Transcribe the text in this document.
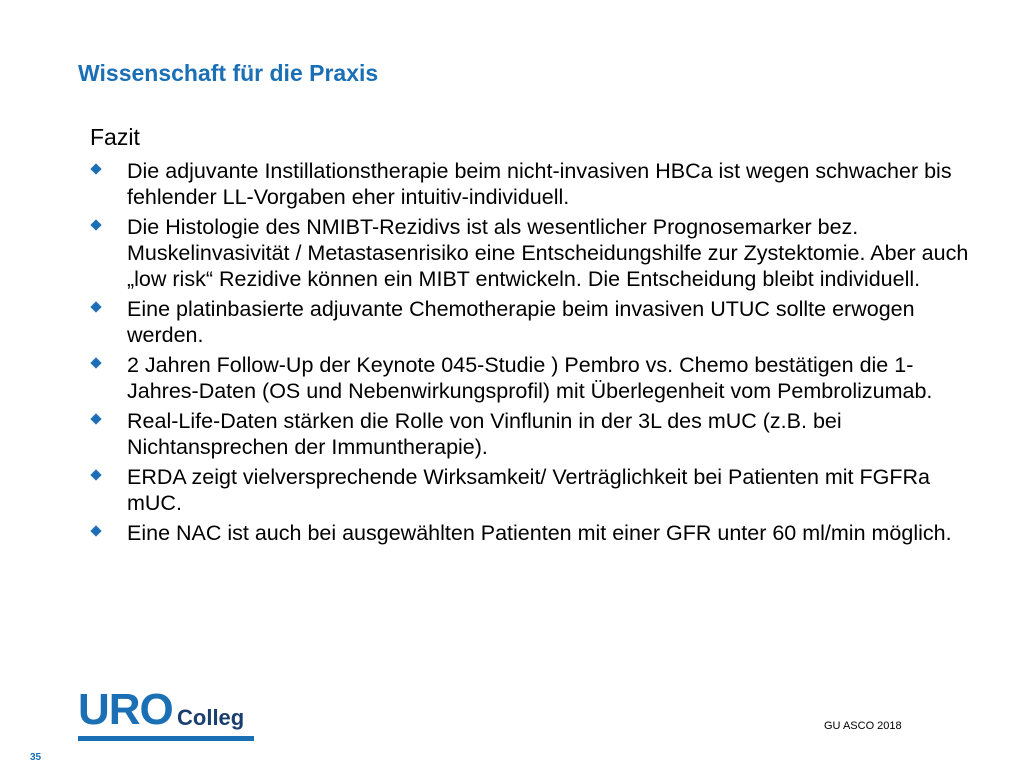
Wissenschaft für die Praxis
Fazit
Die adjuvante Instillationstherapie beim nicht-invasiven HBCa ist wegen schwacher bis fehlender LL-Vorgaben eher intuitiv-individuell.
Die Histologie des NMIBT-Rezidivs ist als wesentlicher Prognosemarker bez. Muskelinvasivität / Metastasenrisiko eine Entscheidungshilfe zur Zystektomie. Aber auch „low risk“ Rezidive können ein MIBT entwickeln. Die Entscheidung bleibt individuell.
Eine platinbasierte adjuvante Chemotherapie beim invasiven UTUC sollte erwogen werden.
2 Jahren Follow-Up der Keynote 045-Studie ) Pembro vs. Chemo bestätigen die 1-Jahres-Daten (OS und Nebenwirkungsprofil) mit Überlegenheit vom Pembrolizumab.
Real-Life-Daten stärken die Rolle von Vinflunin in der 3L des mUC (z.B. bei Nichtansprechen der Immuntherapie).
ERDA zeigt vielversprechende Wirksamkeit/ Verträglichkeit bei Patienten mit FGFRa mUC.
Eine NAC ist auch bei ausgewählten Patienten mit einer GFR unter 60 ml/min möglich.
URO Colleg	GU ASCO 2018
35
